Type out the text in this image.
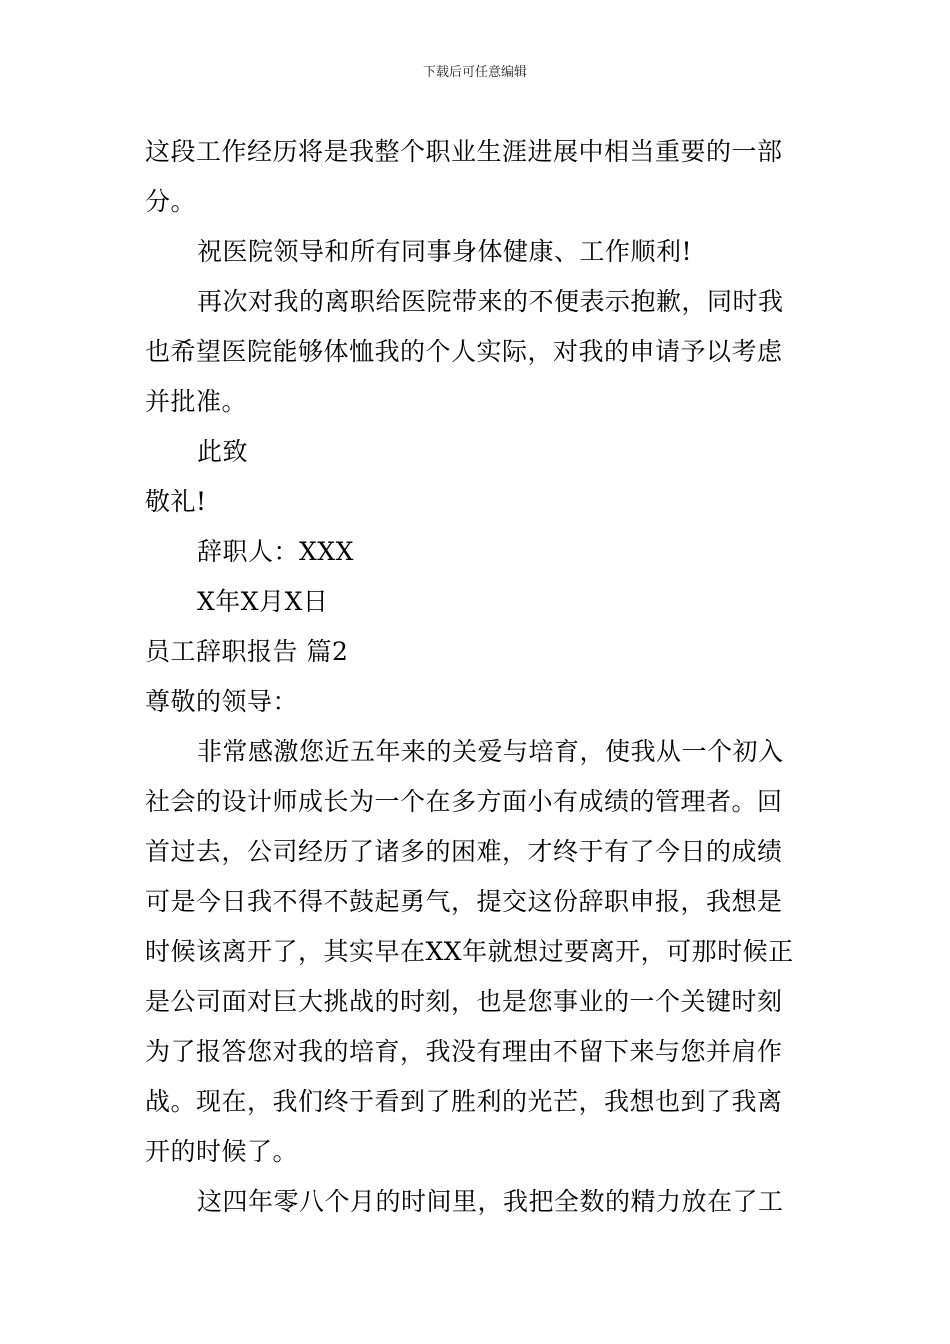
下载后可任意编辑
这段工作经历将是我整个职业生涯进展中相当重要的一部
分。
祝医院领导和所有同事身体健康、工作顺利!
再次对我的离职给医院带来的不便表示抱歉，同时我
也希望医院能够体恤我的个人实际，对我的申请予以考虑
并批准。
此致
敬礼!
辞职人：XXX
X年X月X日
员工辞职报告 篇2
尊敬的领导：
非常感激您近五年来的关爱与培育，使我从一个初入
社会的设计师成长为一个在多方面小有成绩的管理者。回
首过去，公司经历了诸多的困难，才终于有了今日的成绩
可是今日我不得不鼓起勇气，提交这份辞职申报，我想是
时候该离开了，其实早在XX年就想过要离开，可那时候正
是公司面对巨大挑战的时刻，也是您事业的一个关键时刻
为了报答您对我的培育，我没有理由不留下来与您并肩作
战。现在，我们终于看到了胜利的光芒，我想也到了我离
开的时候了。
这四年零八个月的时间里，我把全数的精力放在了工
